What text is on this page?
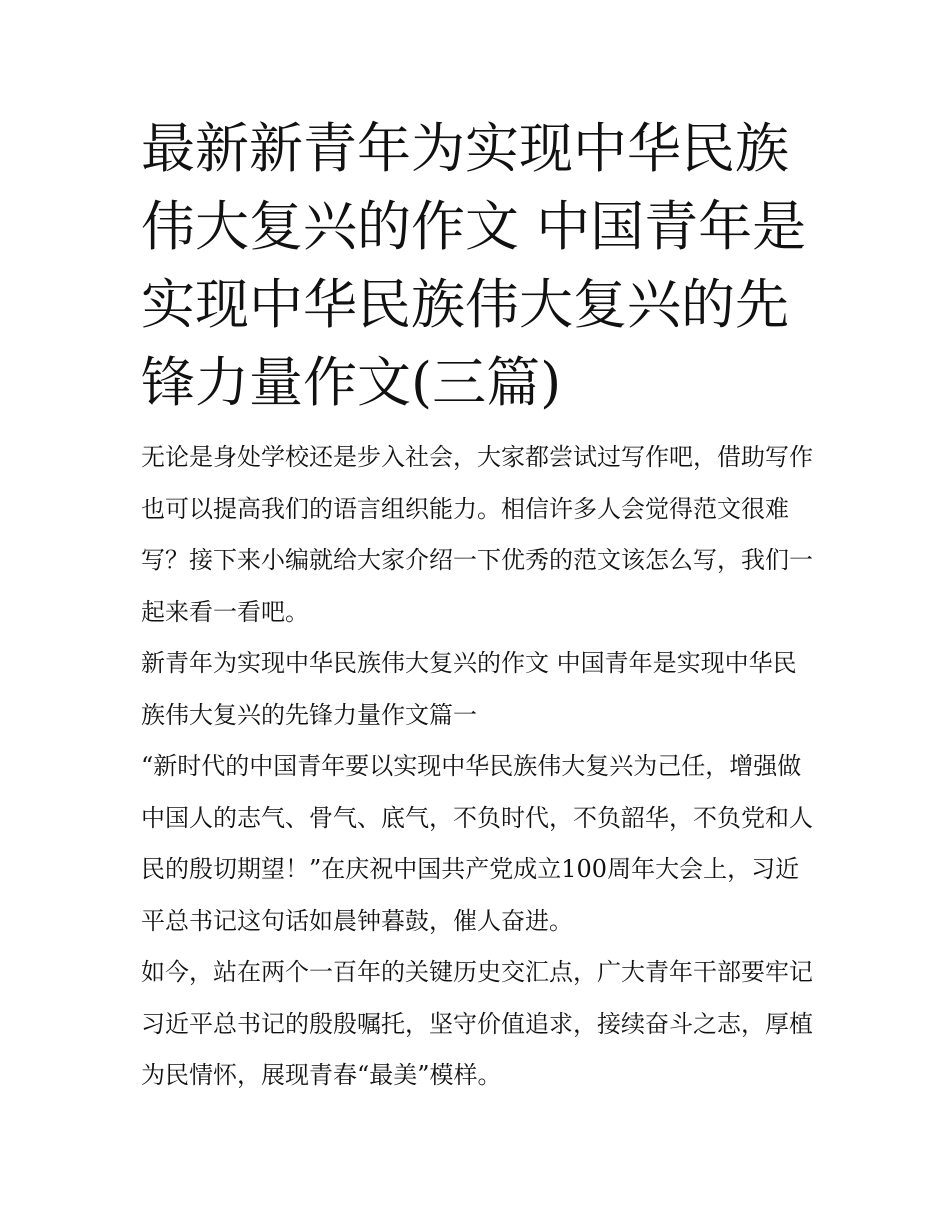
最新新青年为实现中华民族伟大复兴的作文 中国青年是实现中华民族伟大复兴的先锋力量作文(三篇)

无论是身处学校还是步入社会，大家都尝试过写作吧，借助写作也可以提高我们的语言组织能力。相信许多人会觉得范文很难写？接下来小编就给大家介绍一下优秀的范文该怎么写，我们一起来看一看吧。

新青年为实现中华民族伟大复兴的作文 中国青年是实现中华民族伟大复兴的先锋力量作文篇一

“新时代的中国青年要以实现中华民族伟大复兴为己任，增强做中国人的志气、骨气、底气，不负时代，不负韶华，不负党和人民的殷切期望！”在庆祝中国共产党成立100周年大会上，习近平总书记这句话如晨钟暮鼓，催人奋进。

如今，站在两个一百年的关键历史交汇点，广大青年干部要牢记习近平总书记的殷殷嘱托，坚守价值追求，接续奋斗之志，厚植为民情怀，展现青春“最美”模样。
